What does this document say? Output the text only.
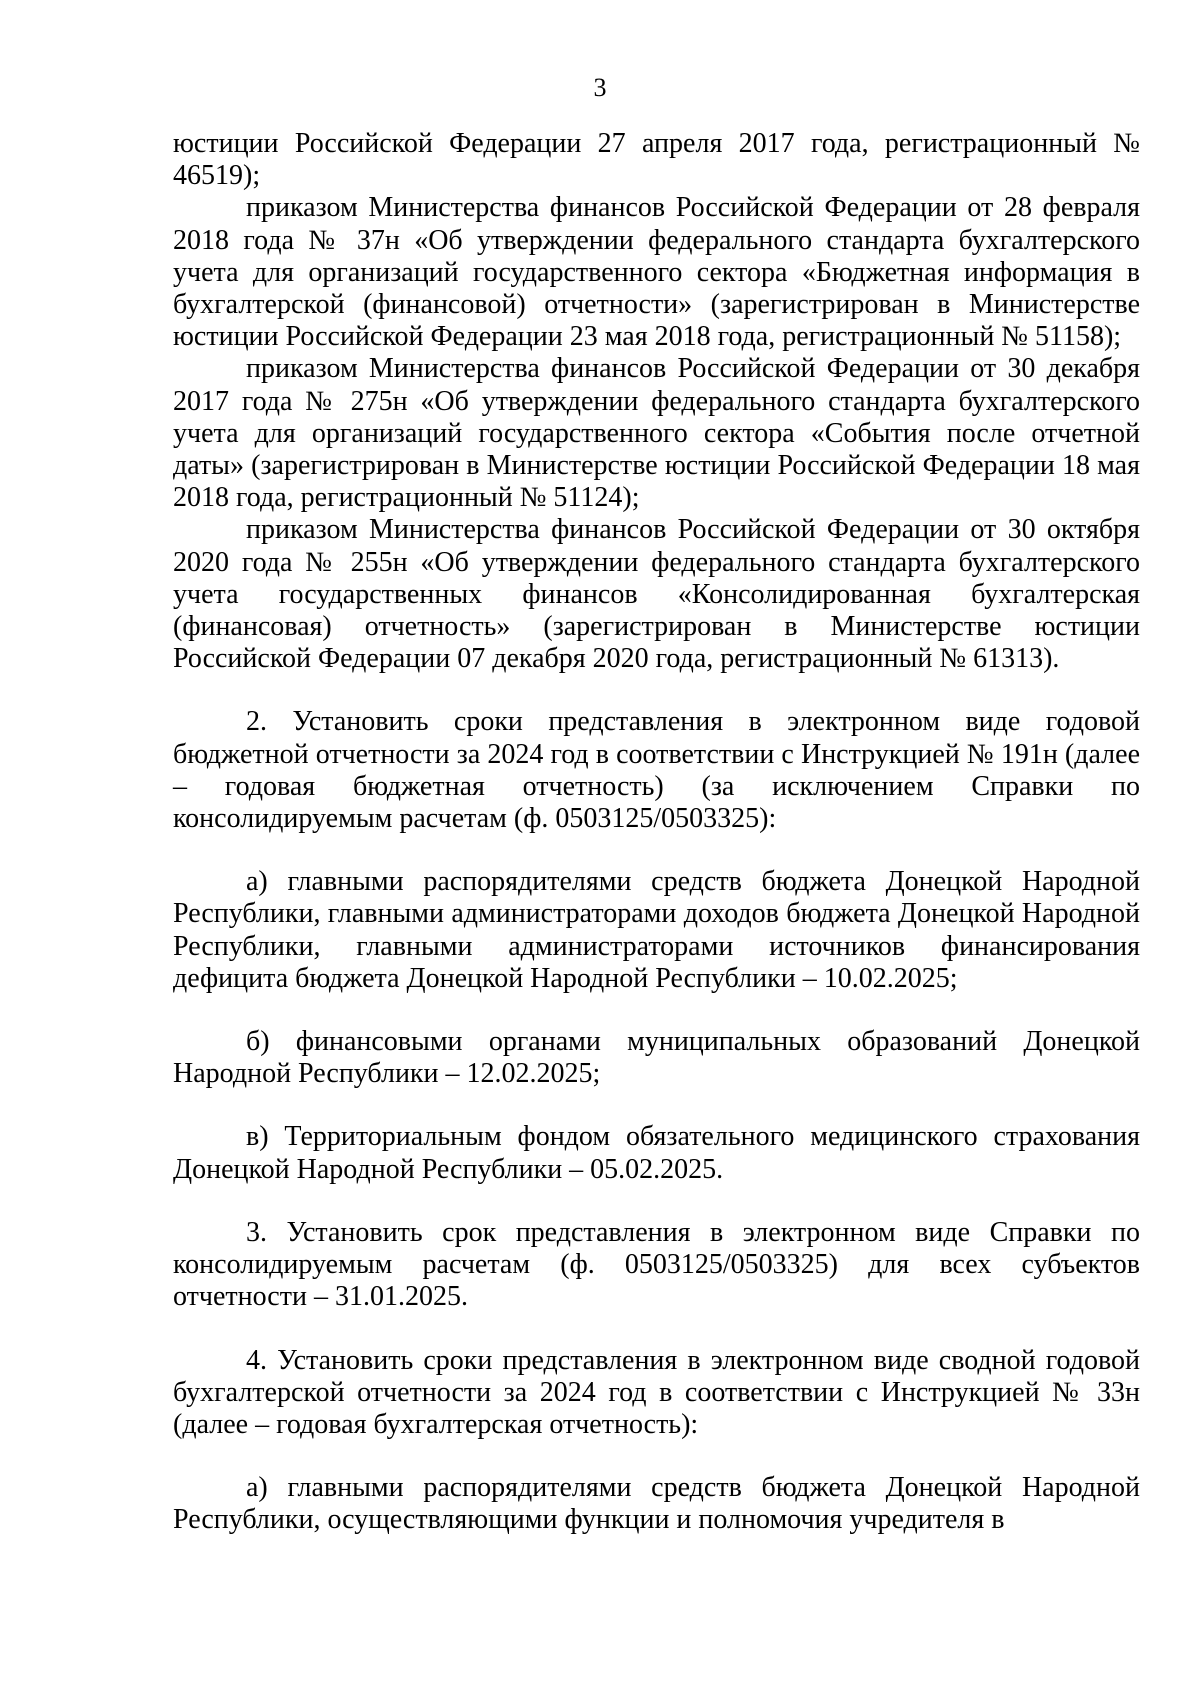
3

юстиции Российской Федерации 27 апреля 2017 года, регистрационный № 46519);

приказом Министерства финансов Российской Федерации от 28 февраля 2018 года № 37н «Об утверждении федерального стандарта бухгалтерского учета для организаций государственного сектора «Бюджетная информация в бухгалтерской (финансовой) отчетности» (зарегистрирован в Министерстве юстиции Российской Федерации 23 мая 2018 года, регистрационный № 51158);

приказом Министерства финансов Российской Федерации от 30 декабря 2017 года № 275н «Об утверждении федерального стандарта бухгалтерского учета для организаций государственного сектора «События после отчетной даты» (зарегистрирован в Министерстве юстиции Российской Федерации 18 мая 2018 года, регистрационный № 51124);

приказом Министерства финансов Российской Федерации от 30 октября 2020 года № 255н «Об утверждении федерального стандарта бухгалтерского учета государственных финансов «Консолидированная бухгалтерская (финансовая) отчетность» (зарегистрирован в Министерстве юстиции Российской Федерации 07 декабря 2020 года, регистрационный № 61313).

2. Установить сроки представления в электронном виде годовой бюджетной отчетности за 2024 год в соответствии с Инструкцией № 191н (далее – годовая бюджетная отчетность) (за исключением Справки по консолидируемым расчетам (ф. 0503125/0503325):

а) главными распорядителями средств бюджета Донецкой Народной Республики, главными администраторами доходов бюджета Донецкой Народной Республики, главными администраторами источников финансирования дефицита бюджета Донецкой Народной Республики – 10.02.2025;

б) финансовыми органами муниципальных образований Донецкой Народной Республики – 12.02.2025;

в) Территориальным фондом обязательного медицинского страхования Донецкой Народной Республики – 05.02.2025.

3. Установить срок представления в электронном виде Справки по консолидируемым расчетам (ф. 0503125/0503325) для всех субъектов отчетности – 31.01.2025.

4. Установить сроки представления в электронном виде сводной годовой бухгалтерской отчетности за 2024 год в соответствии с Инструкцией № 33н (далее – годовая бухгалтерская отчетность):

а) главными распорядителями средств бюджета Донецкой Народной Республики, осуществляющими функции и полномочия учредителя в
